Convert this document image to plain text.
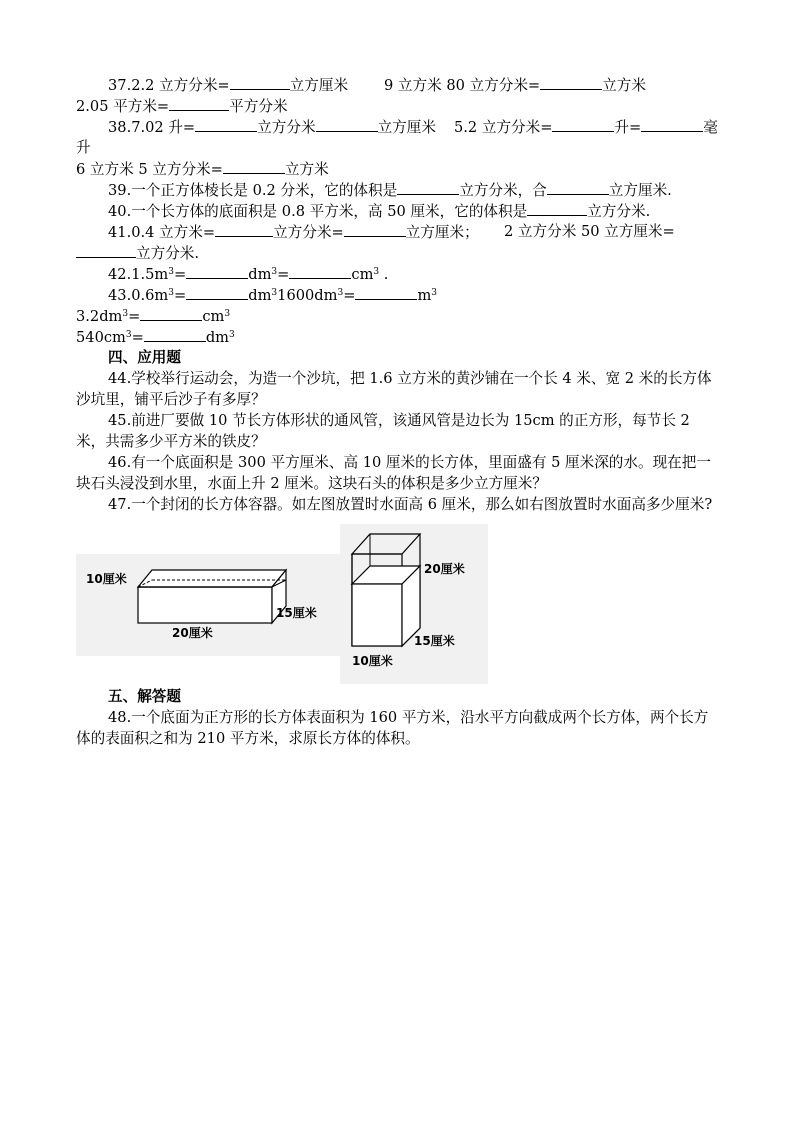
37.2.2 立方分米=	立方厘米 9 立方米 80 立方分米=	立方米
2.05 平方米=	平方分米
38.7.02 升=	立方分米	立方厘米 5.2 立方分米=	升=	毫
升
6 立方米 5 立方分米=	立方米
39.一个正方体棱长是 0.2 分米，它的体积是	立方分米，合	立方厘米.
40.一个长方体的底面积是 0.8 平方米，高 50 厘米，它的体积是	立方分米.
41.0.4 立方米=	立方分米=	立方厘米； 2 立方分米 50 立方厘米=
立方分米.
$42.1.5m^3=$	$dm^3=$	$cm^3$ .
$43.0.6m^3=$	$dm^31600dm^3=$	$m^3$
$3.2dm^3=$	$cm^3$
$540cm^3=$	$dm^3$
四、应用题
44.学校举行运动会，为造一个沙坑，把 1.6 立方米的黄沙铺在一个长 4 米、宽 2 米的长方体沙坑里，铺平后沙子有多厚？
45.前进厂要做 10 节长方体形状的通风管，该通风管是边长为 15cm 的正方形，每节长 2 米，共需多少平方米的铁皮？
46.有一个底面积是 300 平方厘米、高 10 厘米的长方体，里面盛有 5 厘米深的水。现在把一块石头浸没到水里，水面上升 2 厘米。这块石头的体积是多少立方厘米？
47.一个封闭的长方体容器。如左图放置时水面高 6 厘米，那么如右图放置时水面高多少厘米?
10厘米
15厘米
20厘米
20厘米
15厘米
10厘米
五、解答题
48.一个底面为正方形的长方体表面积为 160 平方米，沿水平方向截成两个长方体，两个长方体的表面积之和为 210 平方米，求原长方体的体积。
